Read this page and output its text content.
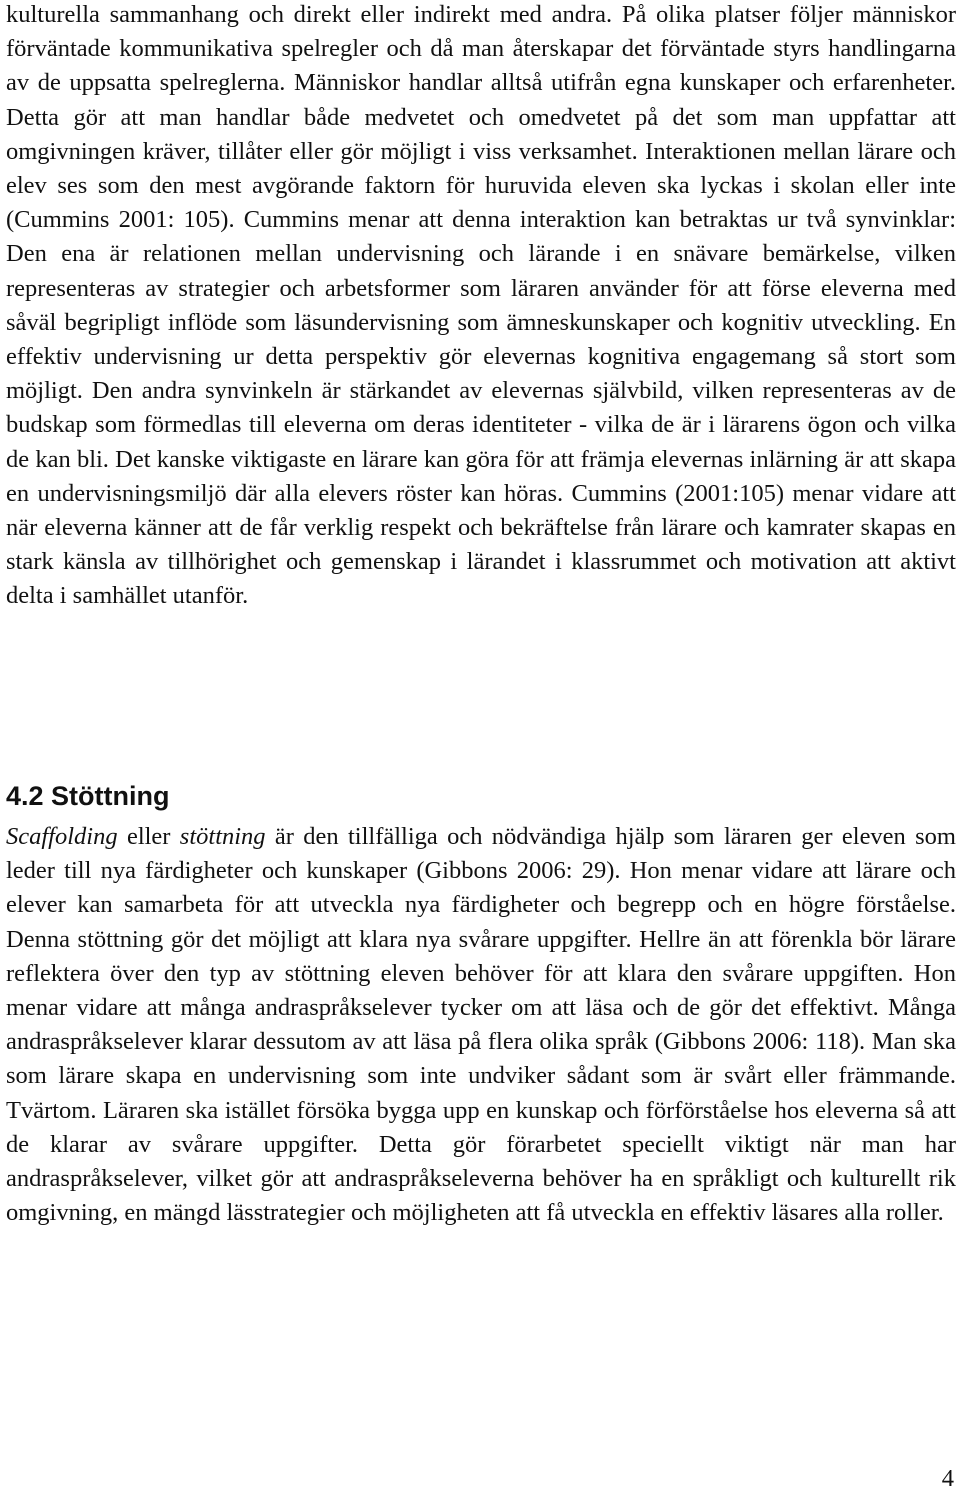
kulturella sammanhang och direkt eller indirekt med andra. På olika platser följer människor förväntade kommunikativa spelregler och då man återskapar det förväntade styrs handlingarna av de uppsatta spelreglerna. Människor handlar alltså utifrån egna kunskaper och erfarenheter. Detta gör att man handlar både medvetet och omedvetet på det som man uppfattar att omgivningen kräver, tillåter eller gör möjligt i viss verksamhet. Interaktionen mellan lärare och elev ses som den mest avgörande faktorn för huruvida eleven ska lyckas i skolan eller inte (Cummins 2001: 105). Cummins menar att denna interaktion kan betraktas ur två synvinklar: Den ena är relationen mellan undervisning och lärande i en snävare bemärkelse, vilken representeras av strategier och arbetsformer som läraren använder för att förse eleverna med såväl begripligt inflöde som läsundervisning som ämneskunskaper och kognitiv utveckling. En effektiv undervisning ur detta perspektiv gör elevernas kognitiva engagemang så stort som möjligt. Den andra synvinkeln är stärkandet av elevernas självbild, vilken representeras av de budskap som förmedlas till eleverna om deras identiteter - vilka de är i lärarens ögon och vilka de kan bli. Det kanske viktigaste en lärare kan göra för att främja elevernas inlärning är att skapa en undervisningsmiljö där alla elevers röster kan höras. Cummins (2001:105) menar vidare att när eleverna känner att de får verklig respekt och bekräftelse från lärare och kamrater skapas en stark känsla av tillhörighet och gemenskap i lärandet i klassrummet och motivation att aktivt delta i samhället utanför.

4.2 Stöttning

Scaffolding eller stöttning är den tillfälliga och nödvändiga hjälp som läraren ger eleven som leder till nya färdigheter och kunskaper (Gibbons 2006: 29). Hon menar vidare att lärare och elever kan samarbeta för att utveckla nya färdigheter och begrepp och en högre förståelse. Denna stöttning gör det möjligt att klara nya svårare uppgifter. Hellre än att förenkla bör lärare reflektera över den typ av stöttning eleven behöver för att klara den svårare uppgiften. Hon menar vidare att många andraspråkselever tycker om att läsa och de gör det effektivt. Många andraspråkselever klarar dessutom av att läsa på flera olika språk (Gibbons 2006: 118). Man ska som lärare skapa en undervisning som inte undviker sådant som är svårt eller främmande. Tvärtom. Läraren ska istället försöka bygga upp en kunskap och förförståelse hos eleverna så att de klarar av svårare uppgifter. Detta gör förarbetet speciellt viktigt när man har andraspråkselever, vilket gör att andraspråkseleverna behöver ha en språkligt och kulturellt rik omgivning, en mängd lässtrategier och möjligheten att få utveckla en effektiv läsares alla roller.

4
